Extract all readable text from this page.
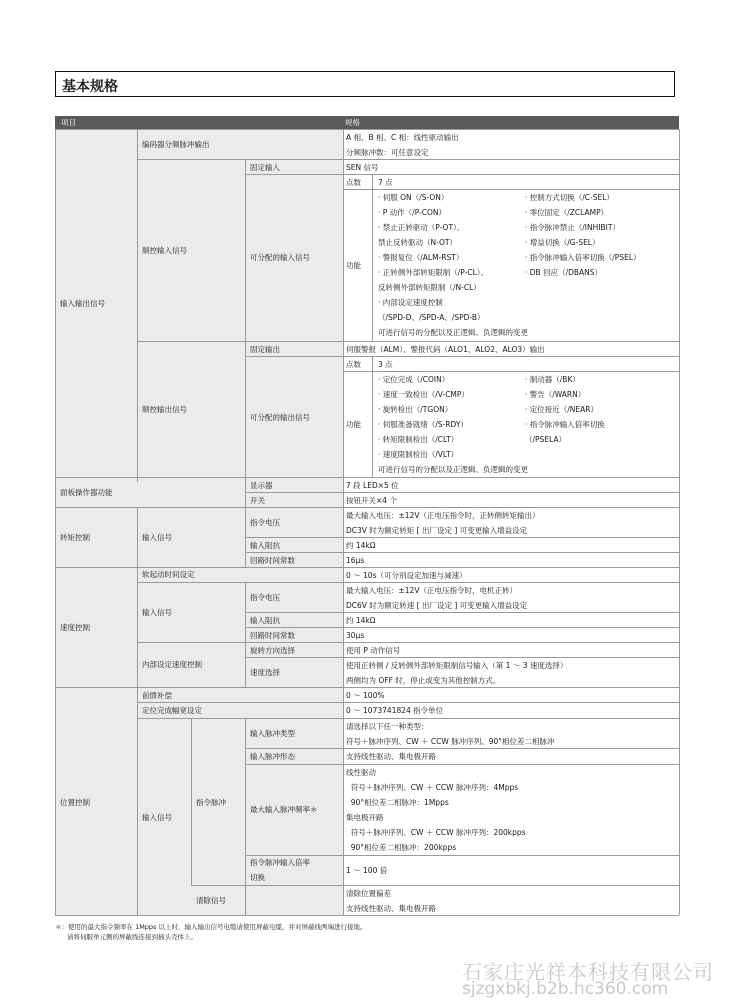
基本规格
项目	规格
输入输出信号
面板操作器功能
转矩控制
速度控制
位置控制
编码器分频脉冲输出
顺控输入信号
顺控输出信号
输入信号
软起动时间设定
输入信号
内部设定速度控制
前馈补偿
定位完成幅宽设定
输入信号
指令脉冲
清除信号
固定输入
可分配的输入信号
固定输出
可分配的输出信号
显示器
开关
指令电压
输入阻抗
回路时间常数
指令电压
输入阻抗
回路时间常数
旋转方向选择
速度选择
输入脉冲类型
输入脉冲形态
最大输入脉冲频率＊
指令脉冲输入倍率
切换
点数 7 点
功能
点数 3 点
功能
A 相、B 相、C 相：线性驱动输出
分频脉冲数：可任意设定
SEN 信号
· 伺服 ON（/S-ON）
· P 动作（/P-CON）
· 禁止正转驱动（P-OT）、
禁止反转驱动（N-OT）
· 警报复位（/ALM-RST）
· 正转侧外部转矩限制（/P-CL）、
反转侧外部转矩限制（/N-CL）
· 内部设定速度控制
（/SPD-D、/SPD-A、/SPD-B）
· 控制方式切换（/C-SEL）
· 零位固定（/ZCLAMP）
· 指令脉冲禁止（/INHIBIT）
· 增益切换（/G-SEL）
· 指令脉冲输入倍率切换（/PSEL）
· DB 回应（/DBANS）
可进行信号的分配以及正逻辑、负逻辑的变更
伺服警报（ALM）、警报代码（ALO1、ALO2、ALO3）输出
· 定位完成（/COIN）
· 速度一致检出（/V-CMP）
· 旋转检出（/TGON）
· 伺服准备就绪（/S-RDY）
· 转矩限制检出（/CLT）
· 速度限制检出（/VLT）
· 制动器（/BK）
· 警告（/WARN）
· 定位接近（/NEAR）
· 指令脉冲输入倍率切换
（/PSELA）
可进行信号的分配以及正逻辑、负逻辑的变更
7 段 LED×5 位
按钮开关×4 个
最大输入电压：±12V（正电压指令时，正转侧转矩输出）
DC3V 时为额定转矩 [ 出厂设定 ] 可变更输入增益设定
约 14kΩ
16μs
0 ～ 10s（可分别设定加速与减速）
最大输入电压：±12V（正电压指令时，电机正转）
DC6V 时为额定转速 [ 出厂设定 ] 可变更输入增益设定
约 14kΩ
30μs
使用 P 动作信号
使用正转侧 / 反转侧外部转矩限制信号输入（第 1 ～ 3 速度选择）
两侧均为 OFF 时，停止或变为其他控制方式。
0 ～ 100%
0 ～ 1073741824 指令单位
请选择以下任一种类型：
符号＋脉冲序列、CW ＋ CCW 脉冲序列、90°相位差二相脉冲
支持线性驱动、集电极开路
线性驱动
符号＋脉冲序列、CW ＋ CCW 脉冲序列：4Mpps
90°相位差二相脉冲：1Mpps
集电极开路
符号＋脉冲序列、CW ＋ CCW 脉冲序列：200kpps
90°相位差二相脉冲：200kpps
1 ～ 100 倍
清除位置偏差
支持线性驱动、集电极开路
＊：使用的最大指令频率在 1Mpps 以上时，输入输出信号电缆请使用屏蔽电缆，并对屏蔽线两端进行接地。
请将伺服单元侧的屏蔽线连接到插头壳体上。
石家庄光祥本科技有限公司
sjzgxbkj.b2b.hc360.com
